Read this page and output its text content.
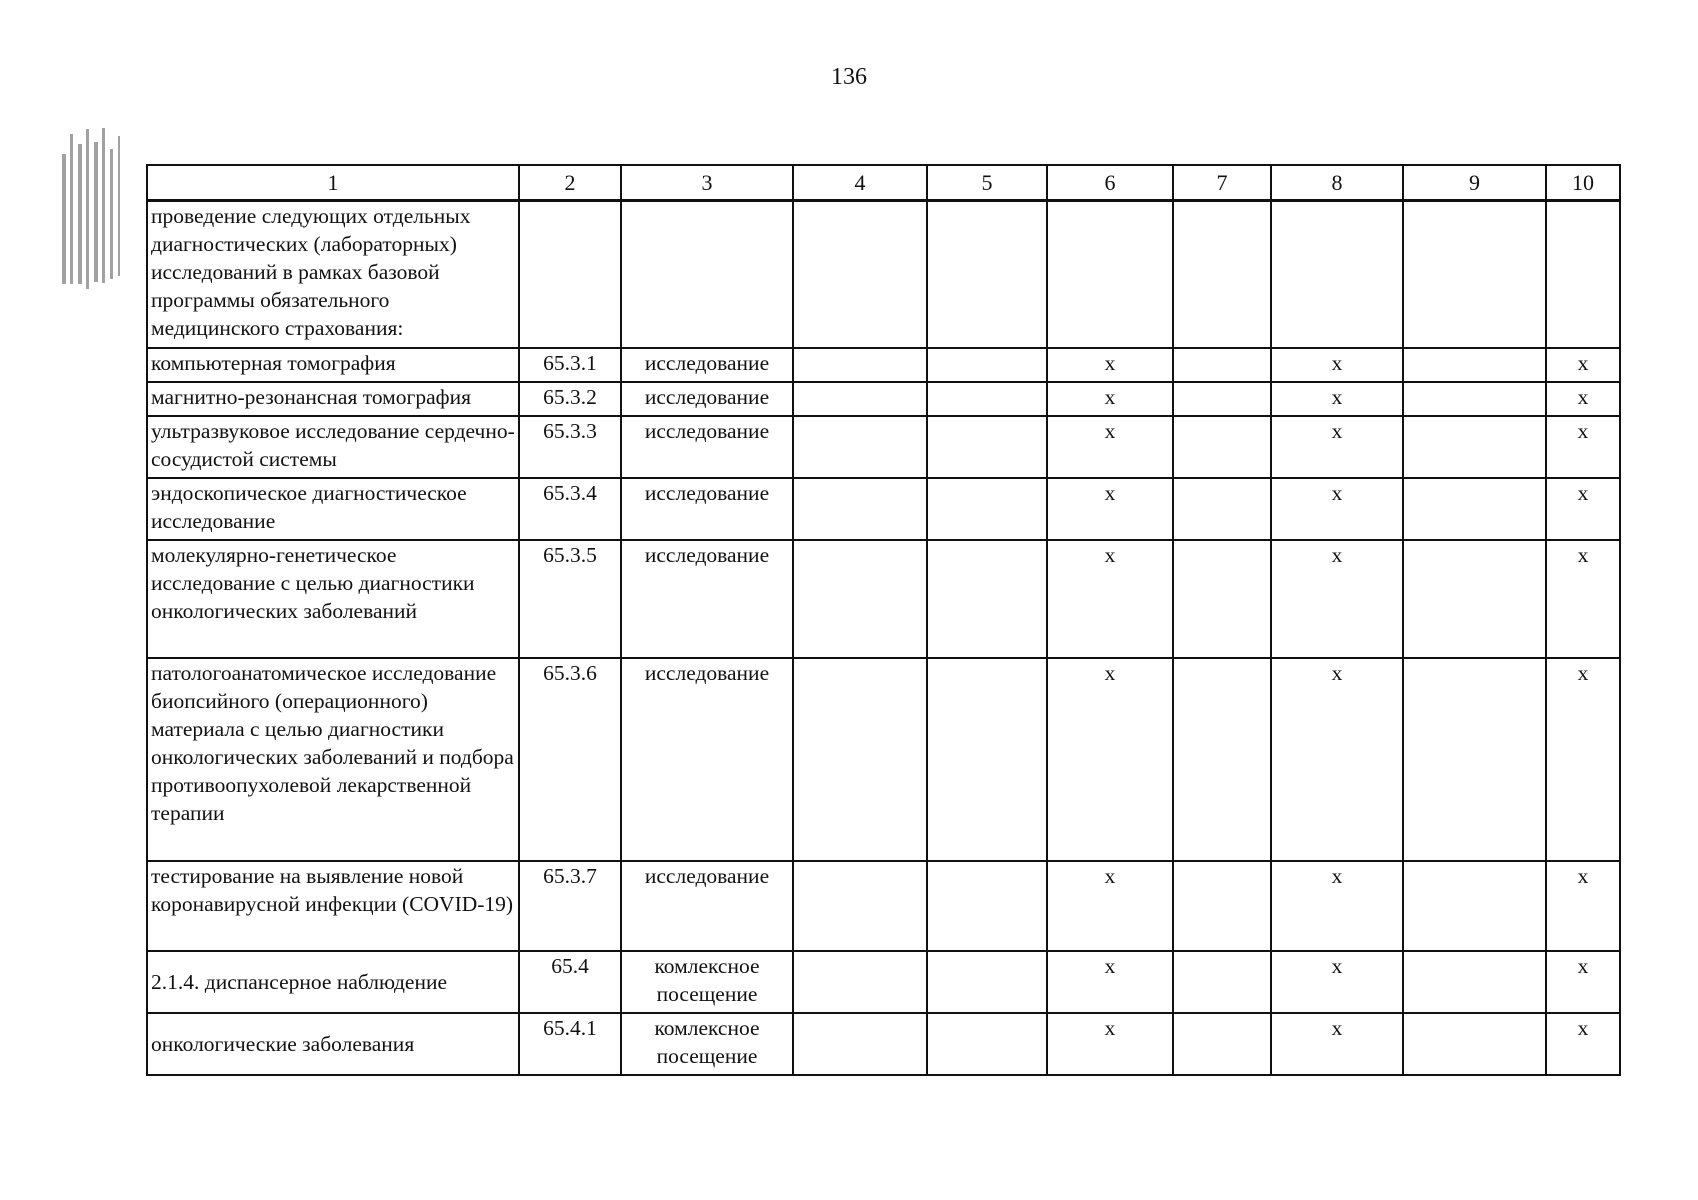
136
1	2	3	4	5	6	7	8	9	10
проведение следующих отдельных диагностических (лабораторных) исследований в рамках базовой программы обязательного медицинского страхования:									
компьютерная томография	65.3.1	исследование			х		х		х
магнитно-резонансная томография	65.3.2	исследование			х		х		х
ультразвуковое исследование сердечно-сосудистой системы	65.3.3	исследование			х		х		х
эндоскопическое диагностическое исследование	65.3.4	исследование			х		х		х
молекулярно-генетическое исследование с целью диагностики онкологических заболеваний	65.3.5	исследование			х		х		х
патологоанатомическое исследование биопсийного (операционного) материала с целью диагностики онкологических заболеваний и подбора противоопухолевой лекарственной терапии	65.3.6	исследование			х		х		х
тестирование на выявление новой коронавирусной инфекции (COVID-19)	65.3.7	исследование			х		х		х
2.1.4. диспансерное наблюдение	65.4	комлексное посещение			х		х		х
онкологические заболевания	65.4.1	комлексное посещение			х		х		х
